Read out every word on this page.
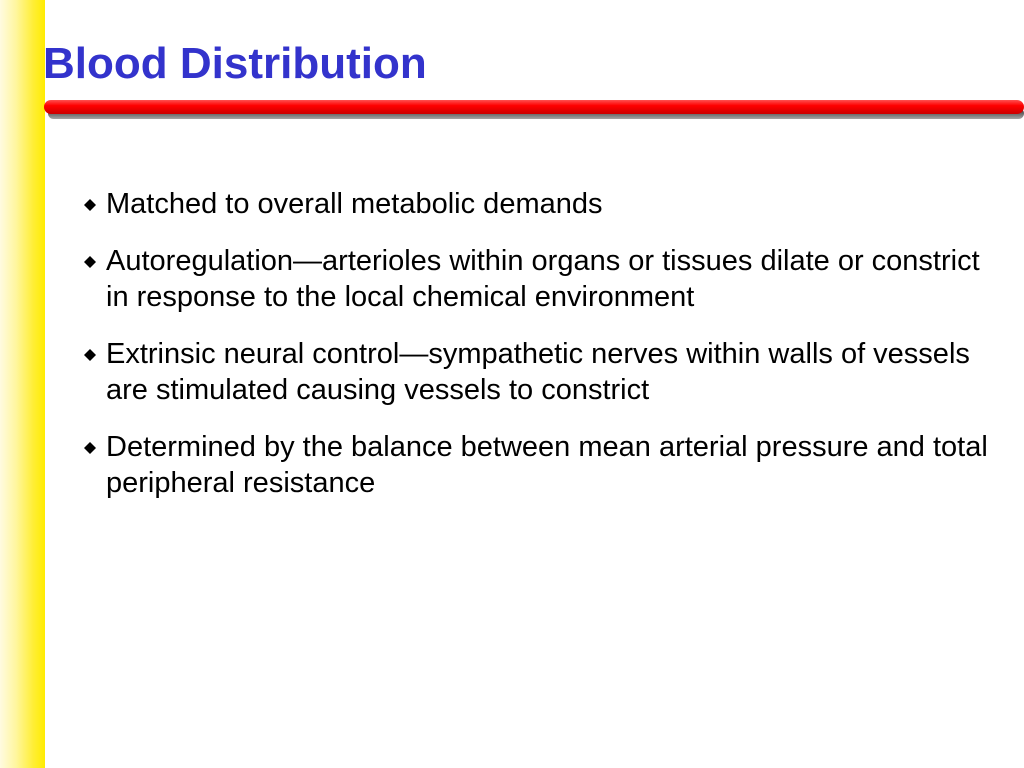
Blood Distribution
Matched to overall metabolic demands
Autoregulation—arterioles within organs or tissues dilate or constrict in response to the local chemical environment
Extrinsic neural control—sympathetic nerves within walls of vessels are stimulated causing vessels to constrict
Determined by the balance between mean arterial pressure and total peripheral resistance
